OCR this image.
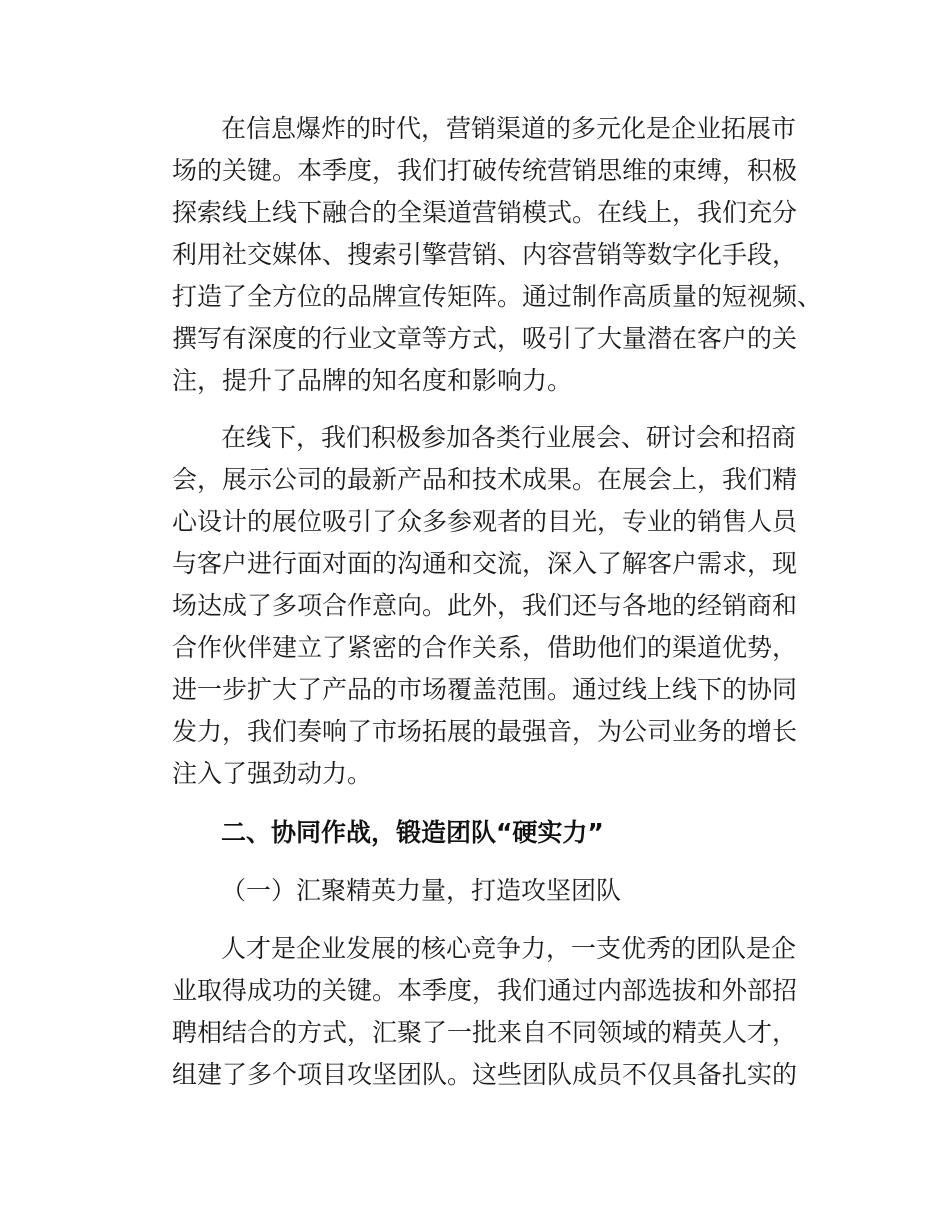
在信息爆炸的时代，营销渠道的多元化是企业拓展市
场的关键。本季度，我们打破传统营销思维的束缚，积极
探索线上线下融合的全渠道营销模式。在线上，我们充分
利用社交媒体、搜索引擎营销、内容营销等数字化手段，
打造了全方位的品牌宣传矩阵。通过制作高质量的短视频、
撰写有深度的行业文章等方式，吸引了大量潜在客户的关
注，提升了品牌的知名度和影响力。
在线下，我们积极参加各类行业展会、研讨会和招商
会，展示公司的最新产品和技术成果。在展会上，我们精
心设计的展位吸引了众多参观者的目光，专业的销售人员
与客户进行面对面的沟通和交流，深入了解客户需求，现
场达成了多项合作意向。此外，我们还与各地的经销商和
合作伙伴建立了紧密的合作关系，借助他们的渠道优势，
进一步扩大了产品的市场覆盖范围。通过线上线下的协同
发力，我们奏响了市场拓展的最强音，为公司业务的增长
注入了强劲动力。
二、协同作战，锻造团队“硬实力”
（一）汇聚精英力量，打造攻坚团队
人才是企业发展的核心竞争力，一支优秀的团队是企
业取得成功的关键。本季度，我们通过内部选拔和外部招
聘相结合的方式，汇聚了一批来自不同领域的精英人才，
组建了多个项目攻坚团队。这些团队成员不仅具备扎实的
